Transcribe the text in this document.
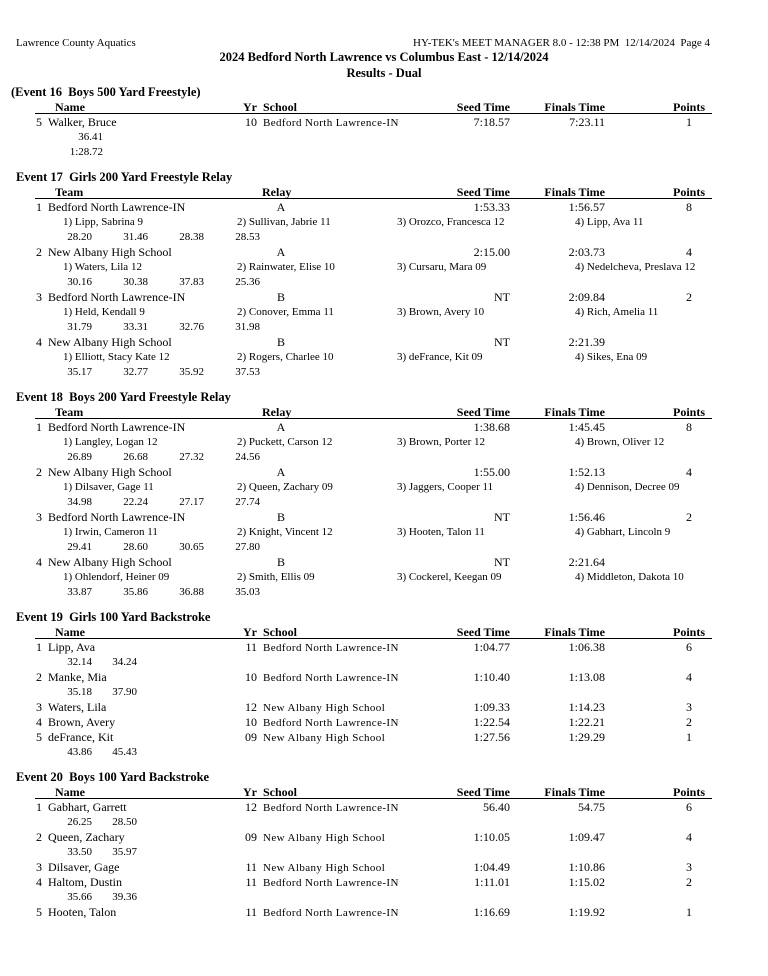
Lawrence County Aquatics	HY-TEK's MEET MANAGER 8.0 - 12:38 PM  12/14/2024  Page 4
2024 Bedford North Lawrence vs Columbus East - 12/14/2024
Results - Dual
(Event 16  Boys 500 Yard Freestyle)
Name	Yr School	Seed Time	Finals Time	Points
5 Walker, Bruce	10 Bedford North Lawrence-IN	7:18.57	7:23.11	1
36.41
1:28.72
Event 17  Girls 200 Yard Freestyle Relay
Team	Relay	Seed Time	Finals Time	Points
1 Bedford North Lawrence-IN	A	1:53.33	1:56.57	8
1) Lipp, Sabrina 9	2) Sullivan, Jabrie 11	3) Orozco, Francesca 12	4) Lipp, Ava 11
28.20	31.46	28.38	28.53
2 New Albany High School	A	2:15.00	2:03.73	4
1) Waters, Lila 12	2) Rainwater, Elise 10	3) Cursaru, Mara 09	4) Nedelcheva, Preslava 12
30.16	30.38	37.83	25.36
3 Bedford North Lawrence-IN	B	NT	2:09.84	2
1) Held, Kendall 9	2) Conover, Emma 11	3) Brown, Avery 10	4) Rich, Amelia 11
31.79	33.31	32.76	31.98
4 New Albany High School	B	NT	2:21.39
1) Elliott, Stacy Kate 12	2) Rogers, Charlee 10	3) deFrance, Kit 09	4) Sikes, Ena 09
35.17	32.77	35.92	37.53
Event 18  Boys 200 Yard Freestyle Relay
Team	Relay	Seed Time	Finals Time	Points
1 Bedford North Lawrence-IN	A	1:38.68	1:45.45	8
1) Langley, Logan 12	2) Puckett, Carson 12	3) Brown, Porter 12	4) Brown, Oliver 12
26.89	26.68	27.32	24.56
2 New Albany High School	A	1:55.00	1:52.13	4
1) Dilsaver, Gage 11	2) Queen, Zachary 09	3) Jaggers, Cooper 11	4) Dennison, Decree 09
34.98	22.24	27.17	27.74
3 Bedford North Lawrence-IN	B	NT	1:56.46	2
1) Irwin, Cameron 11	2) Knight, Vincent 12	3) Hooten, Talon 11	4) Gabhart, Lincoln 9
29.41	28.60	30.65	27.80
4 New Albany High School	B	NT	2:21.64
1) Ohlendorf, Heiner 09	2) Smith, Ellis 09	3) Cockerel, Keegan 09	4) Middleton, Dakota 10
33.87	35.86	36.88	35.03
Event 19  Girls 100 Yard Backstroke
Name	Yr School	Seed Time	Finals Time	Points
1 Lipp, Ava	11 Bedford North Lawrence-IN	1:04.77	1:06.38	6
32.14 34.24
2 Manke, Mia	10 Bedford North Lawrence-IN	1:10.40	1:13.08	4
35.18 37.90
3 Waters, Lila	12 New Albany High School	1:09.33	1:14.23	3
4 Brown, Avery	10 Bedford North Lawrence-IN	1:22.54	1:22.21	2
5 deFrance, Kit	09 New Albany High School	1:27.56	1:29.29	1
43.86 45.43
Event 20  Boys 100 Yard Backstroke
Name	Yr School	Seed Time	Finals Time	Points
1 Gabhart, Garrett	12 Bedford North Lawrence-IN	56.40	54.75	6
26.25 28.50
2 Queen, Zachary	09 New Albany High School	1:10.05	1:09.47	4
33.50 35.97
3 Dilsaver, Gage	11 New Albany High School	1:04.49	1:10.86	3
4 Haltom, Dustin	11 Bedford North Lawrence-IN	1:11.01	1:15.02	2
35.66 39.36
5 Hooten, Talon	11 Bedford North Lawrence-IN	1:16.69	1:19.92	1
